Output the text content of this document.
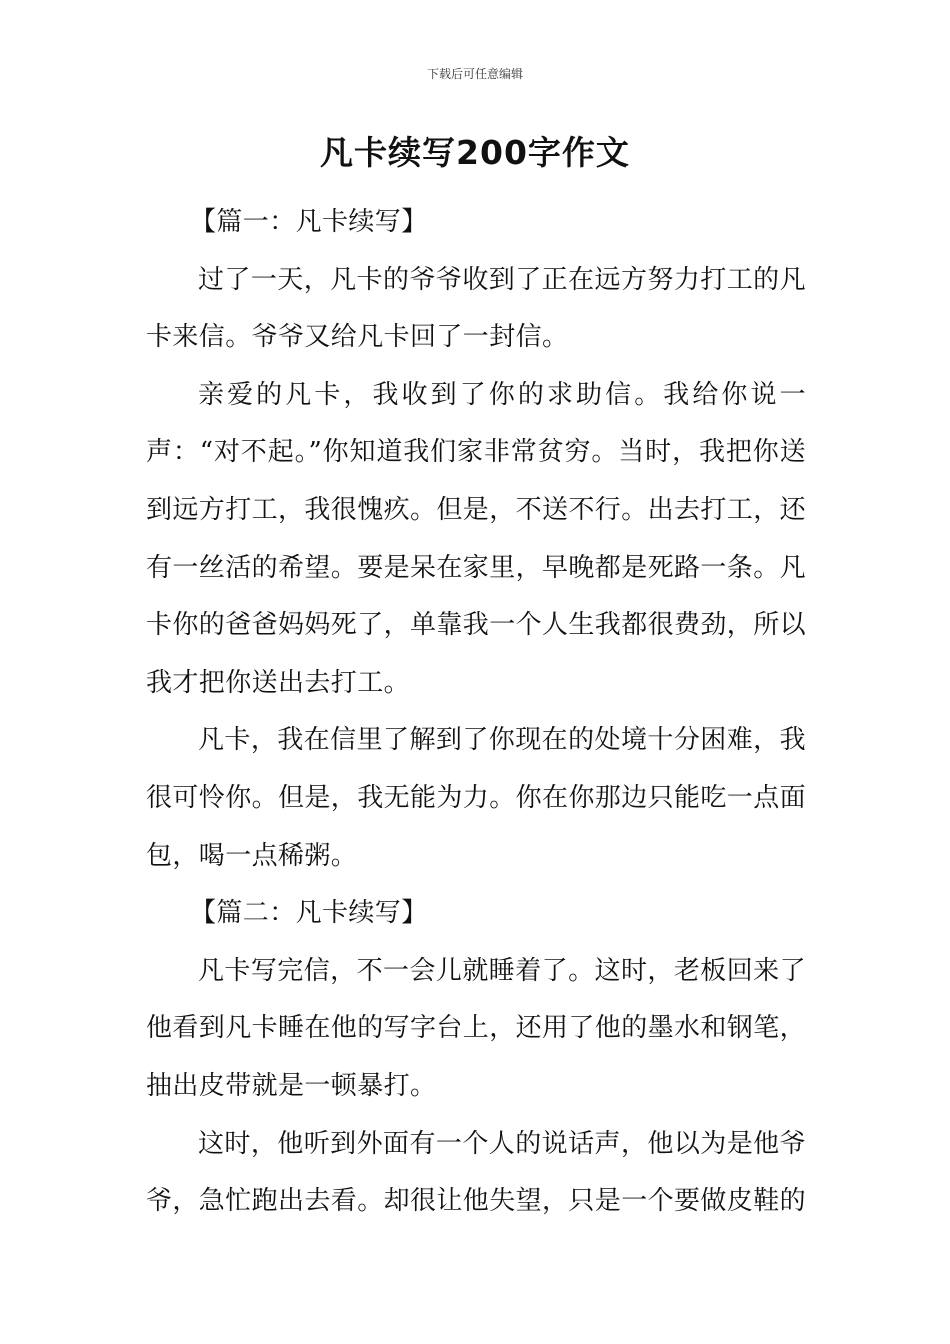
下载后可任意编辑
凡卡续写200字作文

【篇一：凡卡续写】

过了一天，凡卡的爷爷收到了正在远方努力打工的凡卡来信。爷爷又给凡卡回了一封信。

亲爱的凡卡，我收到了你的求助信。我给你说一声：“对不起。”你知道我们家非常贫穷。当时，我把你送到远方打工，我很愧疚。但是，不送不行。出去打工，还有一丝活的希望。要是呆在家里，早晚都是死路一条。凡卡你的爸爸妈妈死了，单靠我一个人生我都很费劲，所以我才把你送出去打工。

凡卡，我在信里了解到了你现在的处境十分困难，我很可怜你。但是，我无能为力。你在你那边只能吃一点面包，喝一点稀粥。

【篇二：凡卡续写】

凡卡写完信，不一会儿就睡着了。这时，老板回来了他看到凡卡睡在他的写字台上，还用了他的墨水和钢笔，抽出皮带就是一顿暴打。

这时，他听到外面有一个人的说话声，他以为是他爷爷，急忙跑出去看。却很让他失望，只是一个要做皮鞋的
